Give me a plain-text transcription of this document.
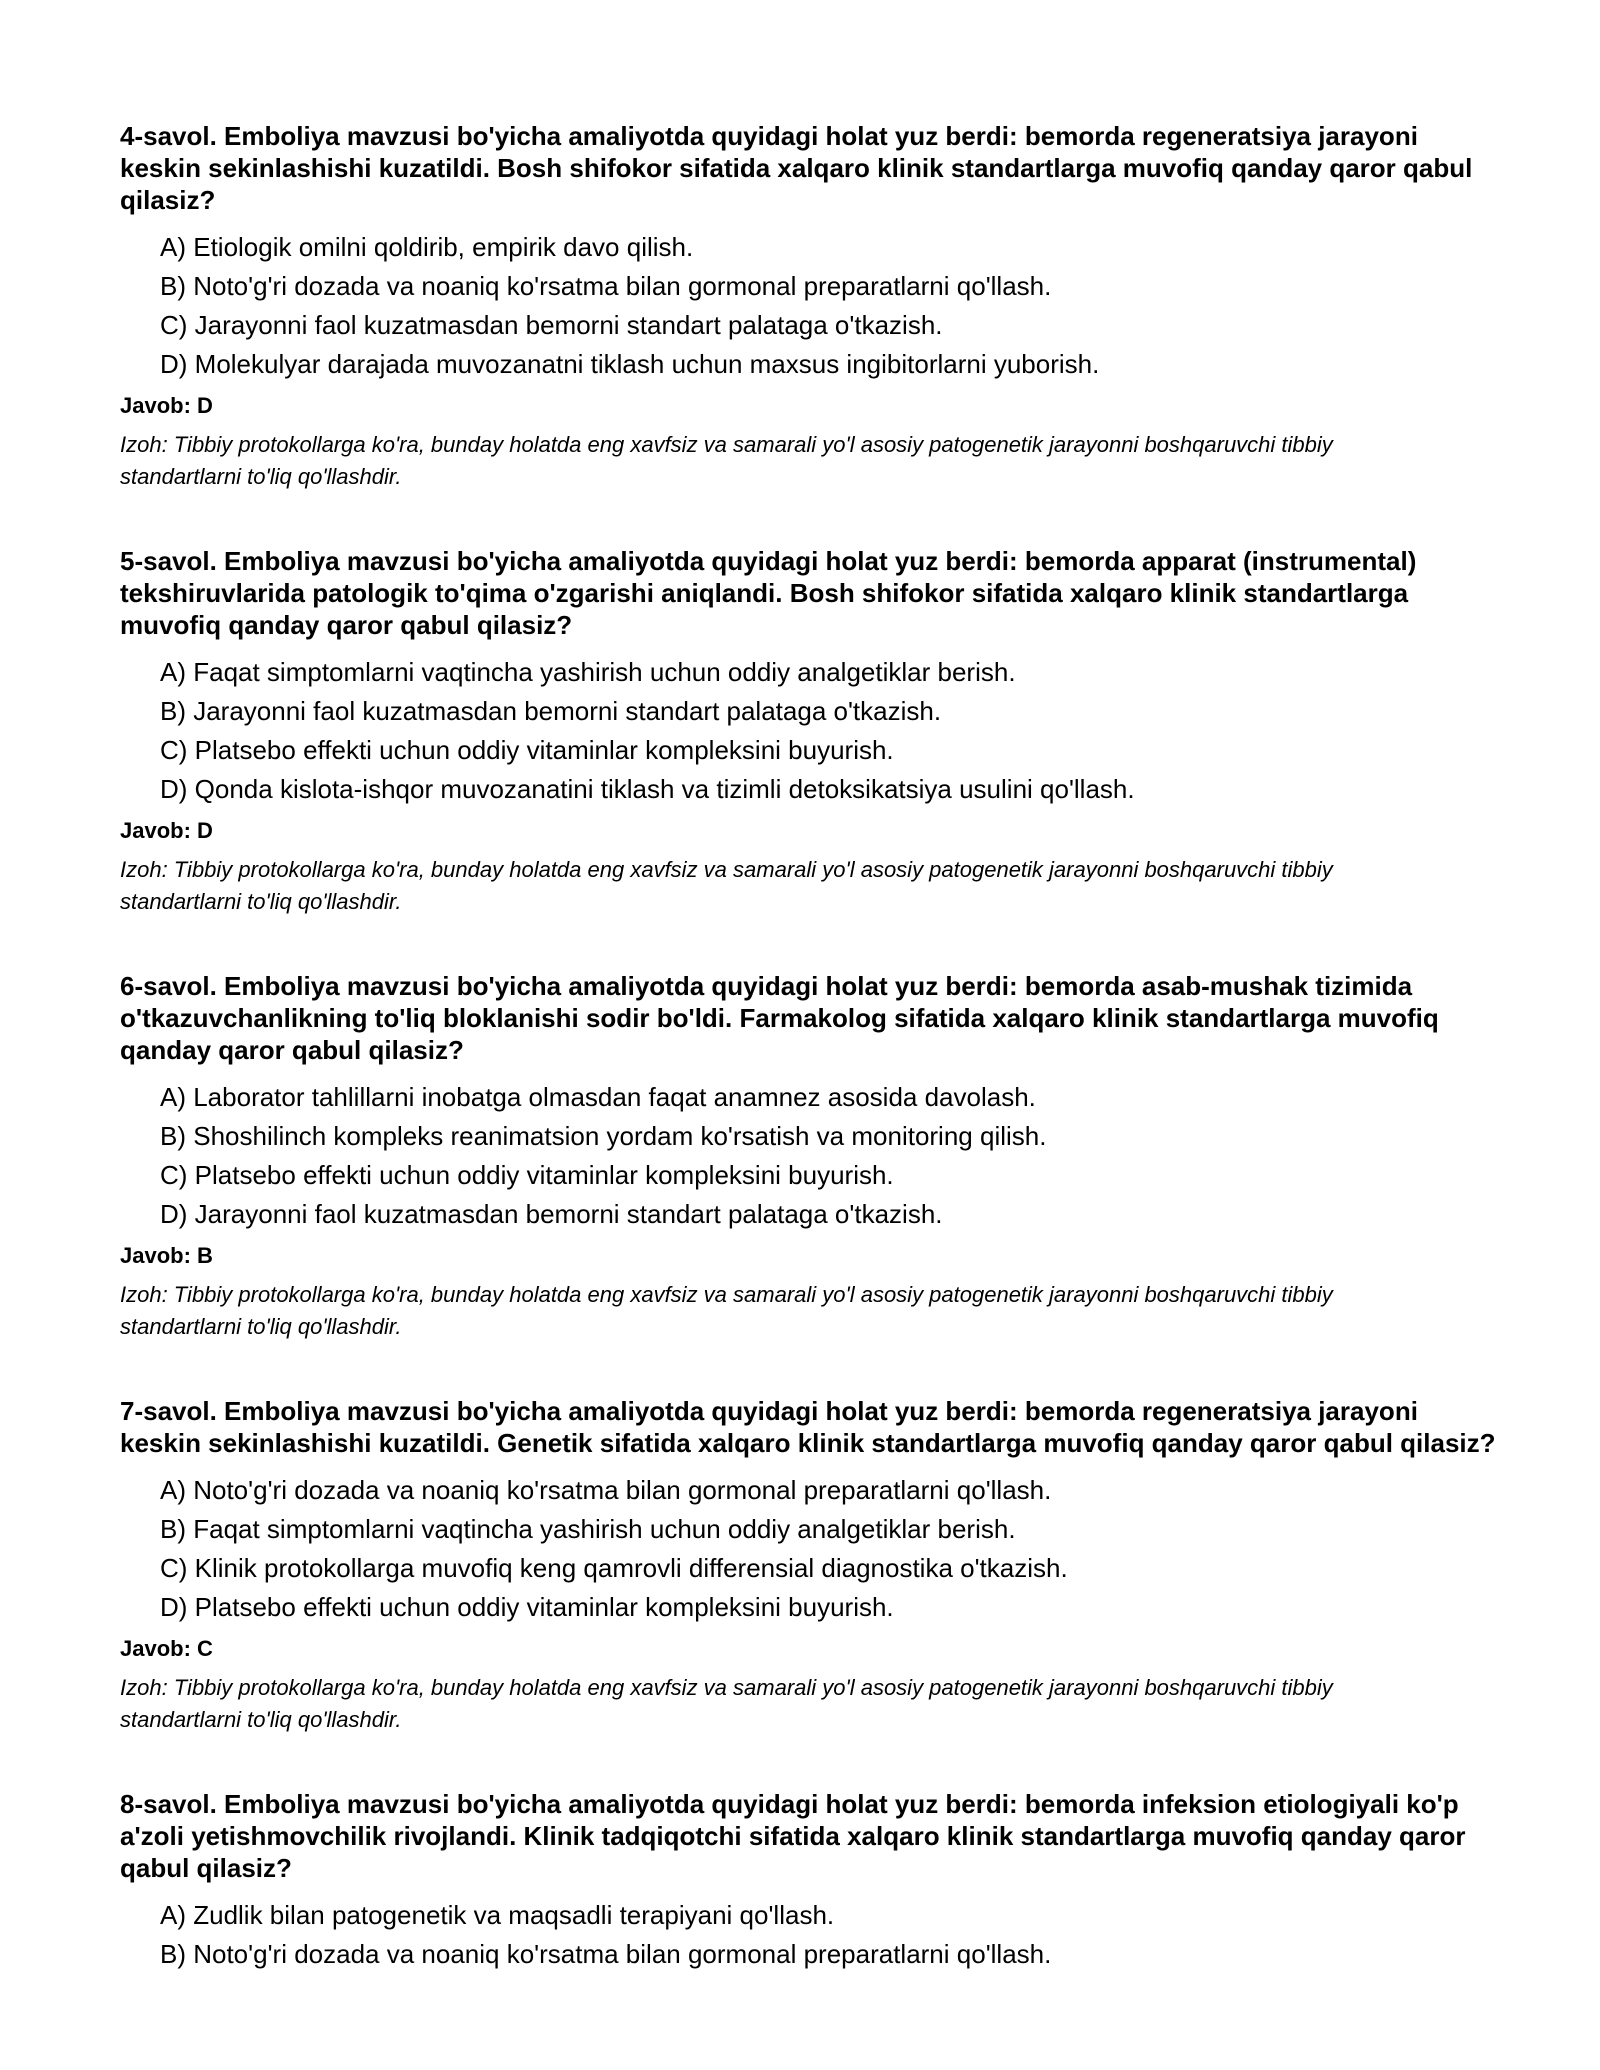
4-savol. Emboliya mavzusi bo'yicha amaliyotda quyidagi holat yuz berdi: bemorda regeneratsiya jarayoni keskin sekinlashishi kuzatildi. Bosh shifokor sifatida xalqaro klinik standartlarga muvofiq qanday qaror qabul qilasiz?
A) Etiologik omilni qoldirib, empirik davo qilish.
B) Noto'g'ri dozada va noaniq ko'rsatma bilan gormonal preparatlarni qo'llash.
C) Jarayonni faol kuzatmasdan bemorni standart palataga o'tkazish.
D) Molekulyar darajada muvozanatni tiklash uchun maxsus ingibitorlarni yuborish.
Javob: D
Izoh: Tibbiy protokollarga ko'ra, bunday holatda eng xavfsiz va samarali yo'l asosiy patogenetik jarayonni boshqaruvchi tibbiy standartlarni to'liq qo'llashdir.
5-savol. Emboliya mavzusi bo'yicha amaliyotda quyidagi holat yuz berdi: bemorda apparat (instrumental) tekshiruvlarida patologik to'qima o'zgarishi aniqlandi. Bosh shifokor sifatida xalqaro klinik standartlarga muvofiq qanday qaror qabul qilasiz?
A) Faqat simptomlarni vaqtincha yashirish uchun oddiy analgetiklar berish.
B) Jarayonni faol kuzatmasdan bemorni standart palataga o'tkazish.
C) Platsebo effekti uchun oddiy vitaminlar kompleksini buyurish.
D) Qonda kislota-ishqor muvozanatini tiklash va tizimli detoksikatsiya usulini qo'llash.
Javob: D
Izoh: Tibbiy protokollarga ko'ra, bunday holatda eng xavfsiz va samarali yo'l asosiy patogenetik jarayonni boshqaruvchi tibbiy standartlarni to'liq qo'llashdir.
6-savol. Emboliya mavzusi bo'yicha amaliyotda quyidagi holat yuz berdi: bemorda asab-mushak tizimida o'tkazuvchanlikning to'liq bloklanishi sodir bo'ldi. Farmakolog sifatida xalqaro klinik standartlarga muvofiq qanday qaror qabul qilasiz?
A) Laborator tahlillarni inobatga olmasdan faqat anamnez asosida davolash.
B) Shoshilinch kompleks reanimatsion yordam ko'rsatish va monitoring qilish.
C) Platsebo effekti uchun oddiy vitaminlar kompleksini buyurish.
D) Jarayonni faol kuzatmasdan bemorni standart palataga o'tkazish.
Javob: B
Izoh: Tibbiy protokollarga ko'ra, bunday holatda eng xavfsiz va samarali yo'l asosiy patogenetik jarayonni boshqaruvchi tibbiy standartlarni to'liq qo'llashdir.
7-savol. Emboliya mavzusi bo'yicha amaliyotda quyidagi holat yuz berdi: bemorda regeneratsiya jarayoni keskin sekinlashishi kuzatildi. Genetik sifatida xalqaro klinik standartlarga muvofiq qanday qaror qabul qilasiz?
A) Noto'g'ri dozada va noaniq ko'rsatma bilan gormonal preparatlarni qo'llash.
B) Faqat simptomlarni vaqtincha yashirish uchun oddiy analgetiklar berish.
C) Klinik protokollarga muvofiq keng qamrovli differensial diagnostika o'tkazish.
D) Platsebo effekti uchun oddiy vitaminlar kompleksini buyurish.
Javob: C
Izoh: Tibbiy protokollarga ko'ra, bunday holatda eng xavfsiz va samarali yo'l asosiy patogenetik jarayonni boshqaruvchi tibbiy standartlarni to'liq qo'llashdir.
8-savol. Emboliya mavzusi bo'yicha amaliyotda quyidagi holat yuz berdi: bemorda infeksion etiologiyali ko'p a'zoli yetishmovchilik rivojlandi. Klinik tadqiqotchi sifatida xalqaro klinik standartlarga muvofiq qanday qaror qabul qilasiz?
A) Zudlik bilan patogenetik va maqsadli terapiyani qo'llash.
B) Noto'g'ri dozada va noaniq ko'rsatma bilan gormonal preparatlarni qo'llash.
